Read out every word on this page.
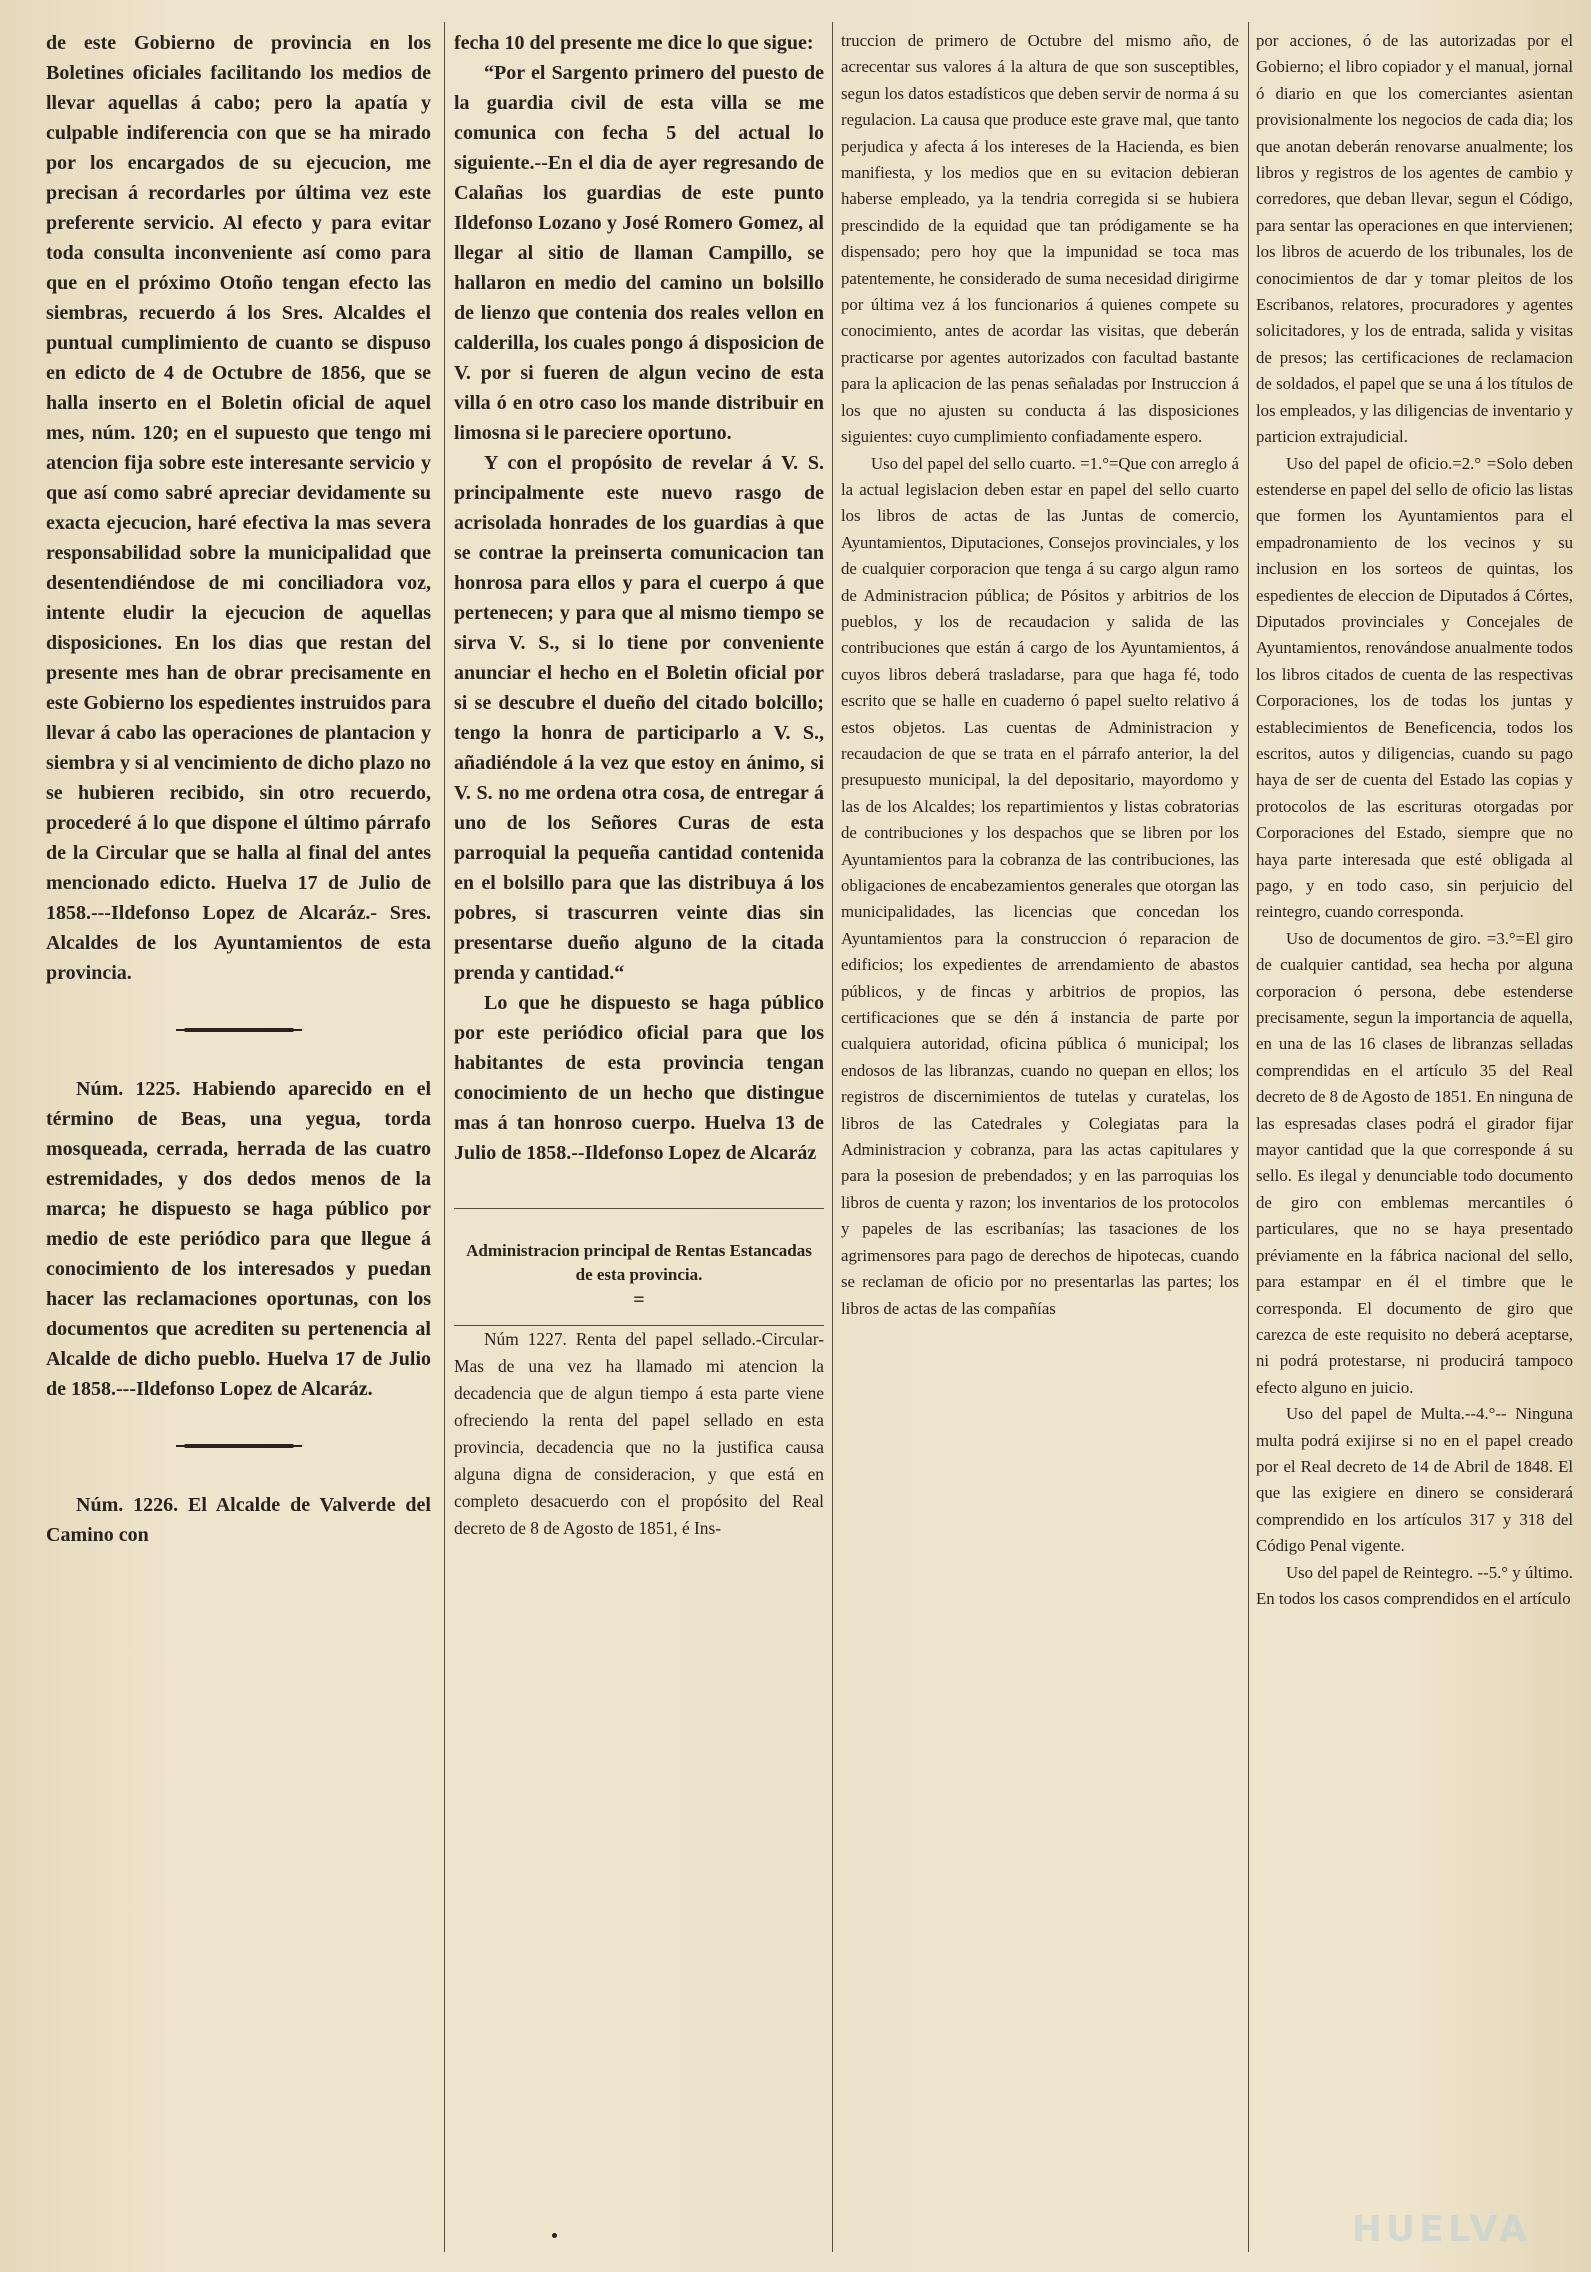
de este Gobierno de provincia en los Boletines oficiales facilitando los medios de llevar aquellas á cabo; pero la apatía y culpable indiferencia con que se ha mirado por los encargados de su ejecucion, me precisan á recordarles por última vez este preferente servicio. Al efecto y para evitar toda consulta inconveniente así como para que en el próximo Otoño tengan efecto las siembras, recuerdo á los Sres. Alcaldes el puntual cumplimiento de cuanto se dispuso en edicto de 4 de Octubre de 1856, que se halla inserto en el Boletin oficial de aquel mes, núm. 120; en el supuesto que tengo mi atencion fija sobre este interesante servicio y que así como sabré apreciar devidamente su exacta ejecucion, haré efectiva la mas severa responsabilidad sobre la municipalidad que desentendiéndose de mi conciliadora voz, intente eludir la ejecucion de aquellas disposiciones. En los dias que restan del presente mes han de obrar precisamente en este Gobierno los espedientes instruidos para llevar á cabo las operaciones de plantacion y siembra y si al vencimiento de dicho plazo no se hubieren recibido, sin otro recuerdo, procederé á lo que dispone el último párrafo de la Circular que se halla al final del antes mencionado edicto. Huelva 17 de Julio de 1858.---Ildefonso Lopez de Alcaráz.- Sres. Alcaldes de los Ayuntamientos de esta provincia.

Núm. 1225. Habiendo aparecido en el término de Beas, una yegua, torda mosqueada, cerrada, herrada de las cuatro estremidades, y dos dedos menos de la marca; he dispuesto se haga público por medio de este periódico para que llegue á conocimiento de los interesados y puedan hacer las reclamaciones oportunas, con los documentos que acrediten su pertenencia al Alcalde de dicho pueblo. Huelva 17 de Julio de 1858.---Ildefonso Lopez de Alcaráz.

Núm. 1226. El Alcalde de Valverde del Camino con

fecha 10 del presente me dice lo que sigue:

“Por el Sargento primero del puesto de la guardia civil de esta villa se me comunica con fecha 5 del actual lo siguiente.--En el dia de ayer regresando de Calañas los guardias de este punto Ildefonso Lozano y José Romero Gomez, al llegar al sitio de llaman Campillo, se hallaron en medio del camino un bolsillo de lienzo que contenia dos reales vellon en calderilla, los cuales pongo á disposicion de V. por si fueren de algun vecino de esta villa ó en otro caso los mande distribuir en limosna si le pareciere oportuno.

Y con el propósito de revelar á V. S. principalmente este nuevo rasgo de acrisolada honrades de los guardias à que se contrae la preinserta comunicacion tan honrosa para ellos y para el cuerpo á que pertenecen; y para que al mismo tiempo se sirva V. S., si lo tiene por conveniente anunciar el hecho en el Boletin oficial por si se descubre el dueño del citado bolcillo; tengo la honra de participarlo a V. S., añadiéndole á la vez que estoy en ánimo, si V. S. no me ordena otra cosa, de entregar á uno de los Señores Curas de esta parroquial la pequeña cantidad contenida en el bolsillo para que las distribuya á los pobres, si trascurren veinte dias sin presentarse dueño alguno de la citada prenda y cantidad.“

Lo que he dispuesto se haga público por este periódico oficial para que los habitantes de esta provincia tengan conocimiento de un hecho que distingue mas á tan honroso cuerpo. Huelva 13 de Julio de 1858.--Ildefonso Lopez de Alcaráz

Administracion principal de Rentas Estancadas de esta provincia.
=

Núm 1227. Renta del papel sellado.-Circular-Mas de una vez ha llamado mi atencion la decadencia que de algun tiempo á esta parte viene ofreciendo la renta del papel sellado en esta provincia, decadencia que no la justifica causa alguna digna de consideracion, y que está en completo desacuerdo con el propósito del Real decreto de 8 de Agosto de 1851, é Ins-

truccion de primero de Octubre del mismo año, de acrecentar sus valores á la altura de que son susceptibles, segun los datos estadísticos que deben servir de norma á su regulacion. La causa que produce este grave mal, que tanto perjudica y afecta á los intereses de la Hacienda, es bien manifiesta, y los medios que en su evitacion debieran haberse empleado, ya la tendria corregida si se hubiera prescindido de la equidad que tan pródigamente se ha dispensado; pero hoy que la impunidad se toca mas patentemente, he considerado de suma necesidad dirigirme por última vez á los funcionarios á quienes compete su conocimiento, antes de acordar las visitas, que deberán practicarse por agentes autorizados con facultad bastante para la aplicacion de las penas señaladas por Instruccion á los que no ajusten su conducta á las disposiciones siguientes: cuyo cumplimiento confiadamente espero.

Uso del papel del sello cuarto. =1.°=Que con arreglo á la actual legislacion deben estar en papel del sello cuarto los libros de actas de las Juntas de comercio, Ayuntamientos, Diputaciones, Consejos provinciales, y los de cualquier corporacion que tenga á su cargo algun ramo de Administracion pública; de Pósitos y arbitrios de los pueblos, y los de recaudacion y salida de las contribuciones que están á cargo de los Ayuntamientos, á cuyos libros deberá trasladarse, para que haga fé, todo escrito que se halle en cuaderno ó papel suelto relativo á estos objetos. Las cuentas de Administracion y recaudacion de que se trata en el párrafo anterior, la del presupuesto municipal, la del depositario, mayordomo y las de los Alcaldes; los repartimientos y listas cobratorias de contribuciones y los despachos que se libren por los Ayuntamientos para la cobranza de las contribuciones, las obligaciones de encabezamientos generales que otorgan las municipalidades, las licencias que concedan los Ayuntamientos para la construccion ó reparacion de edificios; los expedientes de arrendamiento de abastos públicos, y de fincas y arbitrios de propios, las certificaciones que se dén á instancia de parte por cualquiera autoridad, oficina pública ó municipal; los endosos de las libranzas, cuando no quepan en ellos; los registros de discernimientos de tutelas y curatelas, los libros de las Catedrales y Colegiatas para la Administracion y cobranza, para las actas capitulares y para la posesion de prebendados; y en las parroquias los libros de cuenta y razon; los inventarios de los protocolos y papeles de las escribanías; las tasaciones de los agrimensores para pago de derechos de hipotecas, cuando se reclaman de oficio por no presentarlas las partes; los libros de actas de las compañías

por acciones, ó de las autorizadas por el Gobierno; el libro copiador y el manual, jornal ó diario en que los comerciantes asientan provisionalmente los negocios de cada dia; los que anotan deberán renovarse anualmente; los libros y registros de los agentes de cambio y corredores, que deban llevar, segun el Código, para sentar las operaciones en que intervienen; los libros de acuerdo de los tribunales, los de conocimientos de dar y tomar pleitos de los Escribanos, relatores, procuradores y agentes solicitadores, y los de entrada, salida y visitas de presos; las certificaciones de reclamacion de soldados, el papel que se una á los títulos de los empleados, y las diligencias de inventario y particion extrajudicial.

Uso del papel de oficio.=2.° =Solo deben estenderse en papel del sello de oficio las listas que formen los Ayuntamientos para el empadronamiento de los vecinos y su inclusion en los sorteos de quintas, los espedientes de eleccion de Diputados á Córtes, Diputados provinciales y Concejales de Ayuntamientos, renovándose anualmente todos los libros citados de cuenta de las respectivas Corporaciones, los de todas los juntas y establecimientos de Beneficencia, todos los escritos, autos y diligencias, cuando su pago haya de ser de cuenta del Estado las copias y protocolos de las escrituras otorgadas por Corporaciones del Estado, siempre que no haya parte interesada que esté obligada al pago, y en todo caso, sin perjuicio del reintegro, cuando corresponda.

Uso de documentos de giro. =3.°=El giro de cualquier cantidad, sea hecha por alguna corporacion ó persona, debe estenderse precisamente, segun la importancia de aquella, en una de las 16 clases de libranzas selladas comprendidas en el artículo 35 del Real decreto de 8 de Agosto de 1851. En ninguna de las espresadas clases podrá el girador fijar mayor cantidad que la que corresponde á su sello. Es ilegal y denunciable todo documento de giro con emblemas mercantiles ó particulares, que no se haya presentado préviamente en la fábrica nacional del sello, para estampar en él el timbre que le corresponda. El documento de giro que carezca de este requisito no deberá aceptarse, ni podrá protestarse, ni producirá tampoco efecto alguno en juicio.

Uso del papel de Multa.--4.°-- Ninguna multa podrá exijirse si no en el papel creado por el Real decreto de 14 de Abril de 1848. El que las exigiere en dinero se considerará comprendido en los artículos 317 y 318 del Código Penal vigente.

Uso del papel de Reintegro. --5.° y último. En todos los casos comprendidos en el artículo

HUELVA
